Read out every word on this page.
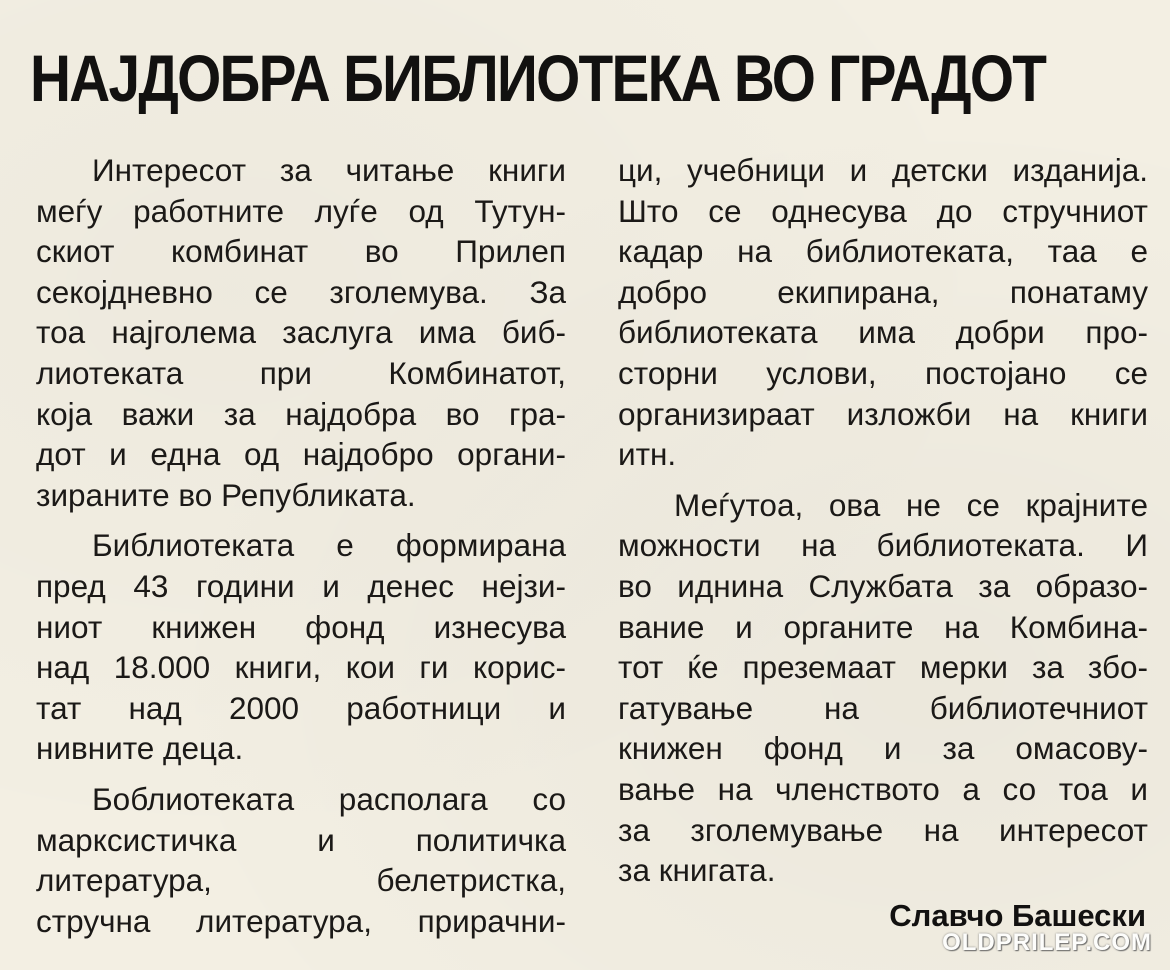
НАЈДОБРА БИБЛИОТЕКА ВО ГРАДОТ

Интересот за читање книги
меѓу работните луѓе од Тутун-
скиот комбинат во Прилеп
секојдневно се зголемува. За
тоа најголема заслуга има биб-
лиотеката при Комбинатот,
која важи за најдобра во гра-
дот и една од најдобро органи-
зираните во Републиката.

Библиотеката е формирана
пред 43 години и денес нејзи-
ниот книжен фонд изнесува
над 18.000 книги, кои ги корис-
тат над 2000 работници и
нивните деца.

Боблиотеката располага со
марксистичка и политичка
литература, белетристка,
стручна литература, прирачни-

ци, учебници и детски изданија.
Што се однесува до стручниот
кадар на библиотеката, таа е
добро екипирана, понатаму
библиотеката има добри про-
сторни услови, постојано се
организираат изложби на книги
итн.

Меѓутоа, ова не се крајните
можности на библиотеката. И
во иднина Службата за образо-
вание и органите на Комбина-
тот ќе преземаат мерки за збо-
гатување на библиотечниот
книжен фонд и за омасову-
вање на членството а со тоа и
за зголемување на интересот
за книгата.

Славчо Башески

OLDPRILEP.COM
